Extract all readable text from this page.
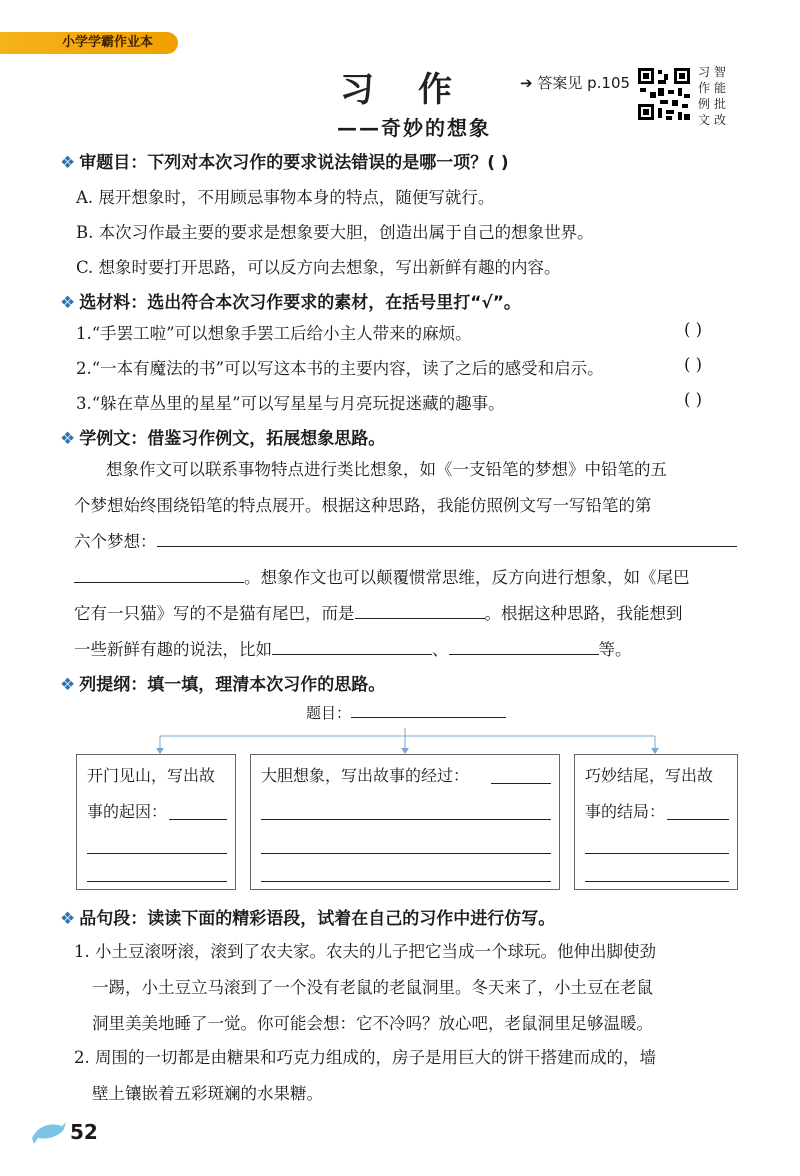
小学学霸作业本
习作
——奇妙的想象
➔ 答案见 p.105
习
作
例
文
智
能
批
改
❖ 审题目：下列对本次习作的要求说法错误的是哪一项？( )
A. 展开想象时，不用顾忌事物本身的特点，随便写就行。
B. 本次习作最主要的要求是想象要大胆，创造出属于自己的想象世界。
C. 想象时要打开思路，可以反方向去想象，写出新鲜有趣的内容。
❖ 选材料：选出符合本次习作要求的素材，在括号里打“√”。
1.“手罢工啦”可以想象手罢工后给小主人带来的麻烦。	( )
2.“一本有魔法的书”可以写这本书的主要内容，读了之后的感受和启示。	( )
3.“躲在草丛里的星星”可以写星星与月亮玩捉迷藏的趣事。	( )
❖ 学例文：借鉴习作例文，拓展想象思路。
想象作文可以联系事物特点进行类比想象，如《一支铅笔的梦想》中铅笔的五
个梦想始终围绕铅笔的特点展开。根据这种思路，我能仿照例文写一写铅笔的第
六个梦想：
。想象作文也可以颠覆惯常思维，反方向进行想象，如《尾巴
它有一只猫》写的不是猫有尾巴，而是	。根据这种思路，我能想到
一些新鲜有趣的说法，比如	、	等。
❖ 列提纲：填一填，理清本次习作的思路。
题目：
开门见山，写出故
事的起因：
大胆想象，写出故事的经过：	巧妙结尾，写出故
事的结局：
❖ 品句段：读读下面的精彩语段，试着在自己的习作中进行仿写。
1. 小土豆滚呀滚，滚到了农夫家。农夫的儿子把它当成一个球玩。他伸出脚使劲
一踢，小土豆立马滚到了一个没有老鼠的老鼠洞里。冬天来了，小土豆在老鼠
洞里美美地睡了一觉。你可能会想：它不冷吗？放心吧，老鼠洞里足够温暖。
2. 周围的一切都是由糖果和巧克力组成的，房子是用巨大的饼干搭建而成的，墙
壁上镶嵌着五彩斑斓的水果糖。
52
